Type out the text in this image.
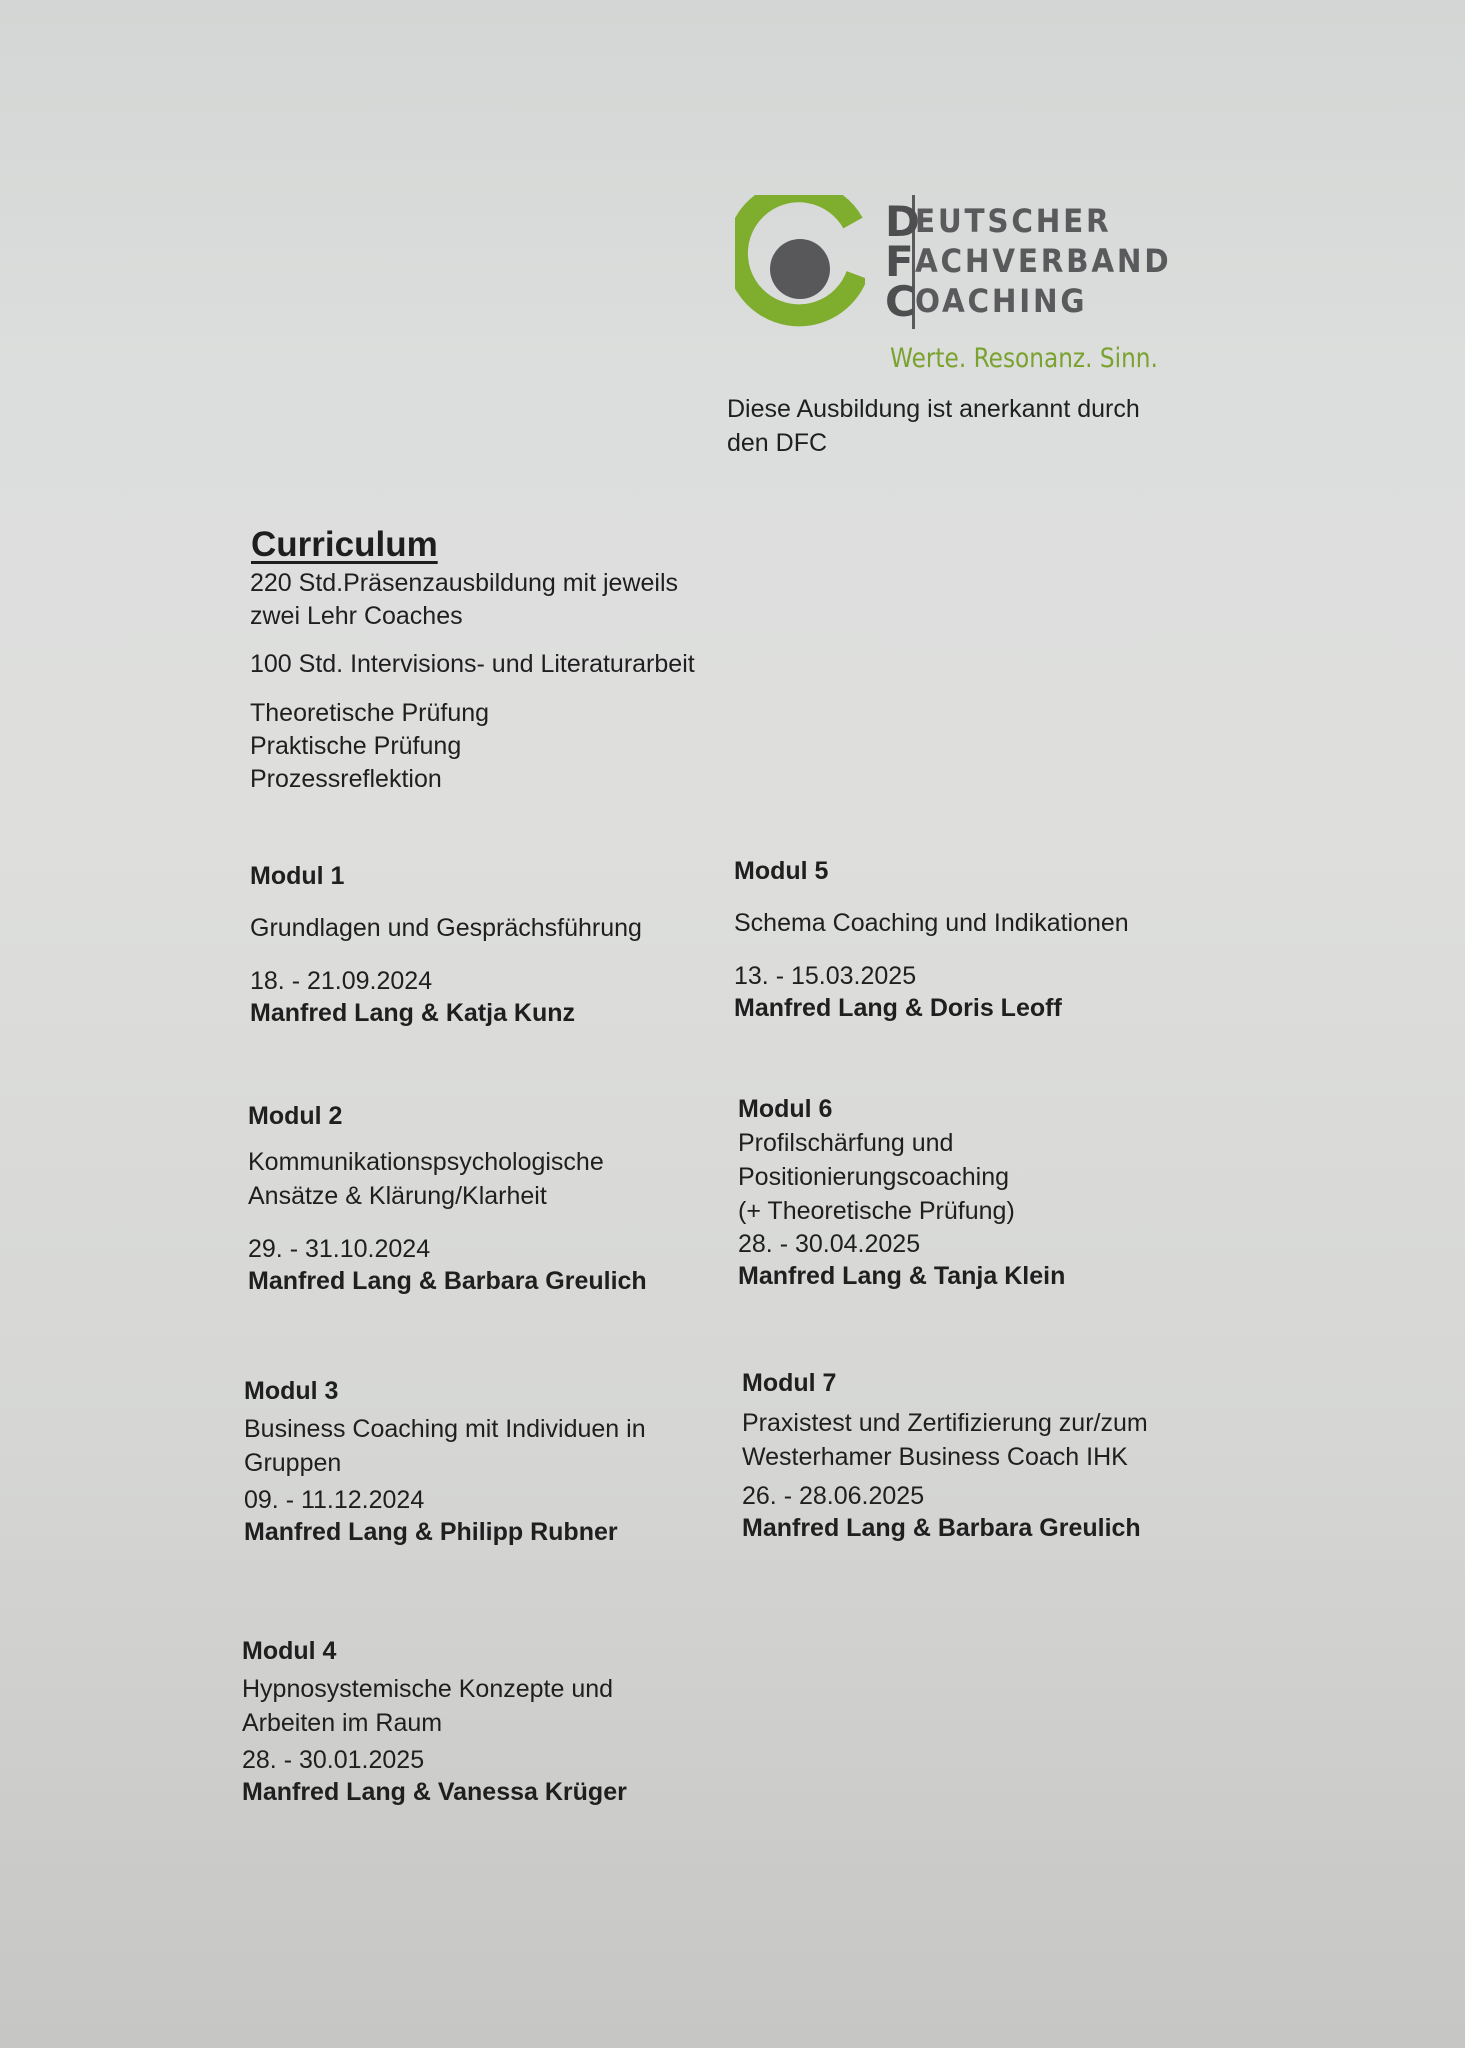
D
EUTSCHER
F
ACHVERBAND
C
OACHING
Werte. Resonanz. Sinn.
Diese Ausbildung ist anerkannt durch
den DFC
Curriculum
220 Std.Präsenzausbildung mit jeweils
zwei Lehr Coaches
100 Std. Intervisions- und Literaturarbeit
Theoretische Prüfung
Praktische Prüfung
Prozessreflektion
Modul 1
Grundlagen und Gesprächsführung
18. - 21.09.2024
Manfred Lang & Katja Kunz
Modul 2
Kommunikationspsychologische
Ansätze & Klärung/Klarheit
29. - 31.10.2024
Manfred Lang & Barbara Greulich
Modul 3
Business Coaching mit Individuen in
Gruppen
09. - 11.12.2024
Manfred Lang & Philipp Rubner
Modul 4
Hypnosystemische Konzepte und
Arbeiten im Raum
28. - 30.01.2025
Manfred Lang & Vanessa Krüger
Modul 5
Schema Coaching und Indikationen
13. - 15.03.2025
Manfred Lang & Doris Leoff
Modul 6
Profilschärfung und
Positionierungscoaching
(+ Theoretische Prüfung)
28. - 30.04.2025
Manfred Lang & Tanja Klein
Modul 7
Praxistest und Zertifizierung zur/zum
Westerhamer Business Coach IHK
26. - 28.06.2025
Manfred Lang & Barbara Greulich
